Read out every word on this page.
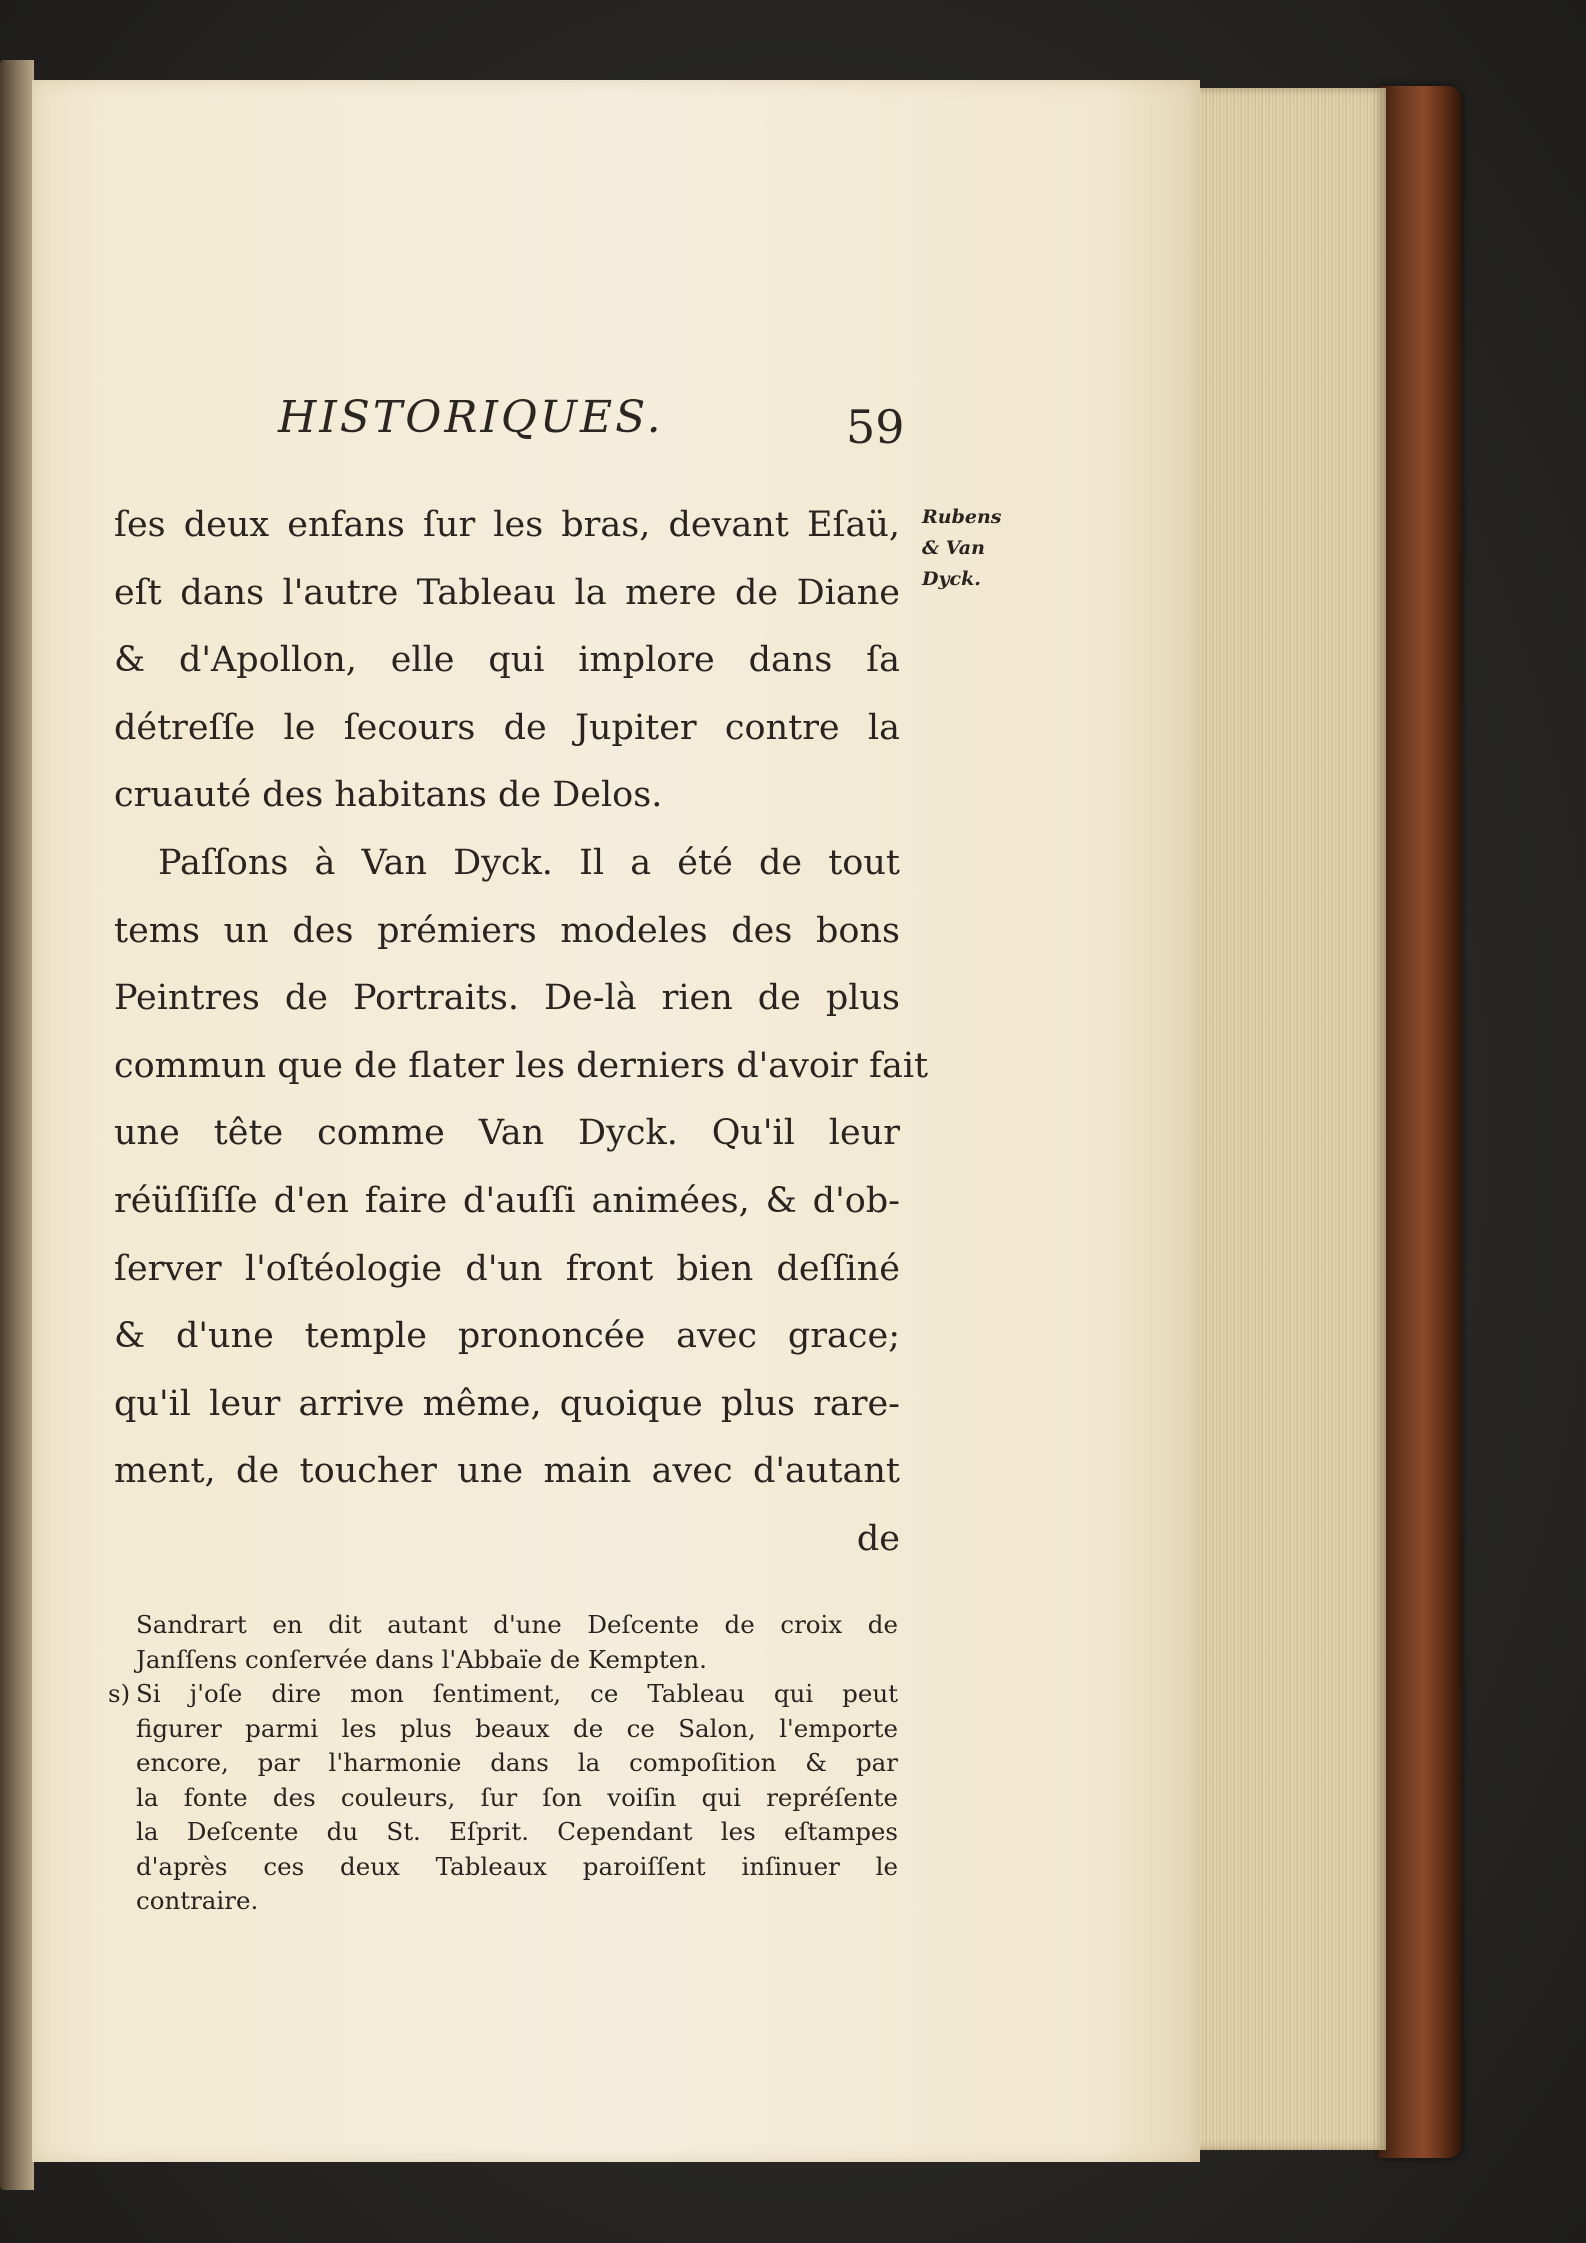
HISTORIQUES.	59
Rubens
& Van
Dyck.
ſes deux enfans ſur les bras, devant Eſaü,
eſt dans l'autre Tableau la mere de Diane
& d'Apollon, elle qui implore dans ſa
détreſſe le ſecours de Jupiter contre la
cruauté des habitans de Delos.
Paſſons à Van Dyck. Il a été de tout
tems un des prémiers modeles des bons
Peintres de Portraits. De-là rien de plus
commun que de flater les derniers d'avoir fait
une tête comme Van Dyck. Qu'il leur
réüſſiſſe d'en faire d'auſſi animées, & d'ob-
ſerver l'oſtéologie d'un front bien deſſiné
& d'une temple prononcée avec grace;
qu'il leur arrive même, quoique plus rare-
ment, de toucher une main avec d'autant
de
Sandrart en dit autant d'une Deſcente de croix de
Janſſens conſervée dans l'Abbaïe de Kempten.
s) Si j'oſe dire mon ſentiment, ce Tableau qui peut
figurer parmi les plus beaux de ce Salon, l'emporte
encore, par l'harmonie dans la compoſition & par
la fonte des couleurs, ſur ſon voiſin qui repréſente
la Deſcente du St. Eſprit. Cependant les eſtampes
d'après ces deux Tableaux paroiſſent inſinuer le
contraire.
